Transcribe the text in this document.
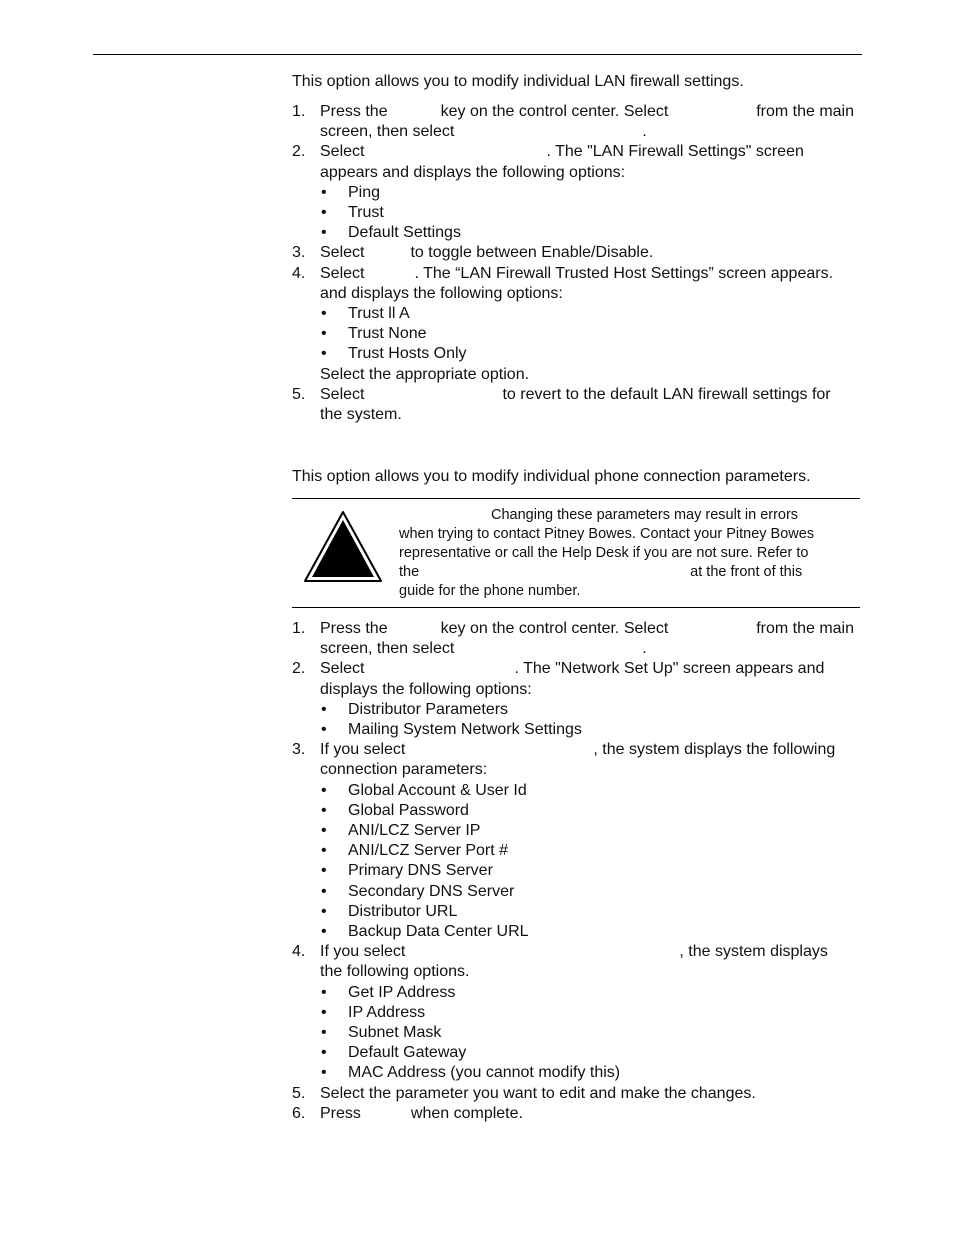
This option allows you to modify individual LAN firewall settings.
1. Press the	key on the control center. Select	from the main
screen, then select	.
2. Select	. The "LAN Firewall Settings" screen
appears and displays the following options:
• Ping
• Trust
• Default Settings
3. Select	to toggle between Enable/Disable.
4. Select	. The “LAN Firewall Trusted Host Settings” screen appears.
and displays the following options:
• Trust ll A
• Trust None
• Trust Hosts Only
Select the appropriate option.
5. Select	to revert to the default LAN firewall settings for
the system.
This option allows you to modify individual phone connection parameters.
Changing these parameters may result in errors
when trying to contact Pitney Bowes. Contact your Pitney Bowes
representative or call the Help Desk if you are not sure. Refer to
the	at the front of this
guide for the phone number.
1. Press the	key on the control center. Select	from the main
screen, then select	.
2. Select	. The "Network Set Up" screen appears and
displays the following options:
• Distributor Parameters
• Mailing System Network Settings
3. If you select	, the system displays the following
connection parameters:
• Global Account & User Id
• Global Password
• ANI/LCZ Server IP
• ANI/LCZ Server Port #
• Primary DNS Server
• Secondary DNS Server
• Distributor URL
• Backup Data Center URL
4. If you select	, the system displays
the following options.
• Get IP Address
• IP Address
• Subnet Mask
• Default Gateway
• MAC Address (you cannot modify this)
5. Select the parameter you want to edit and make the changes.
6. Press	when complete.
